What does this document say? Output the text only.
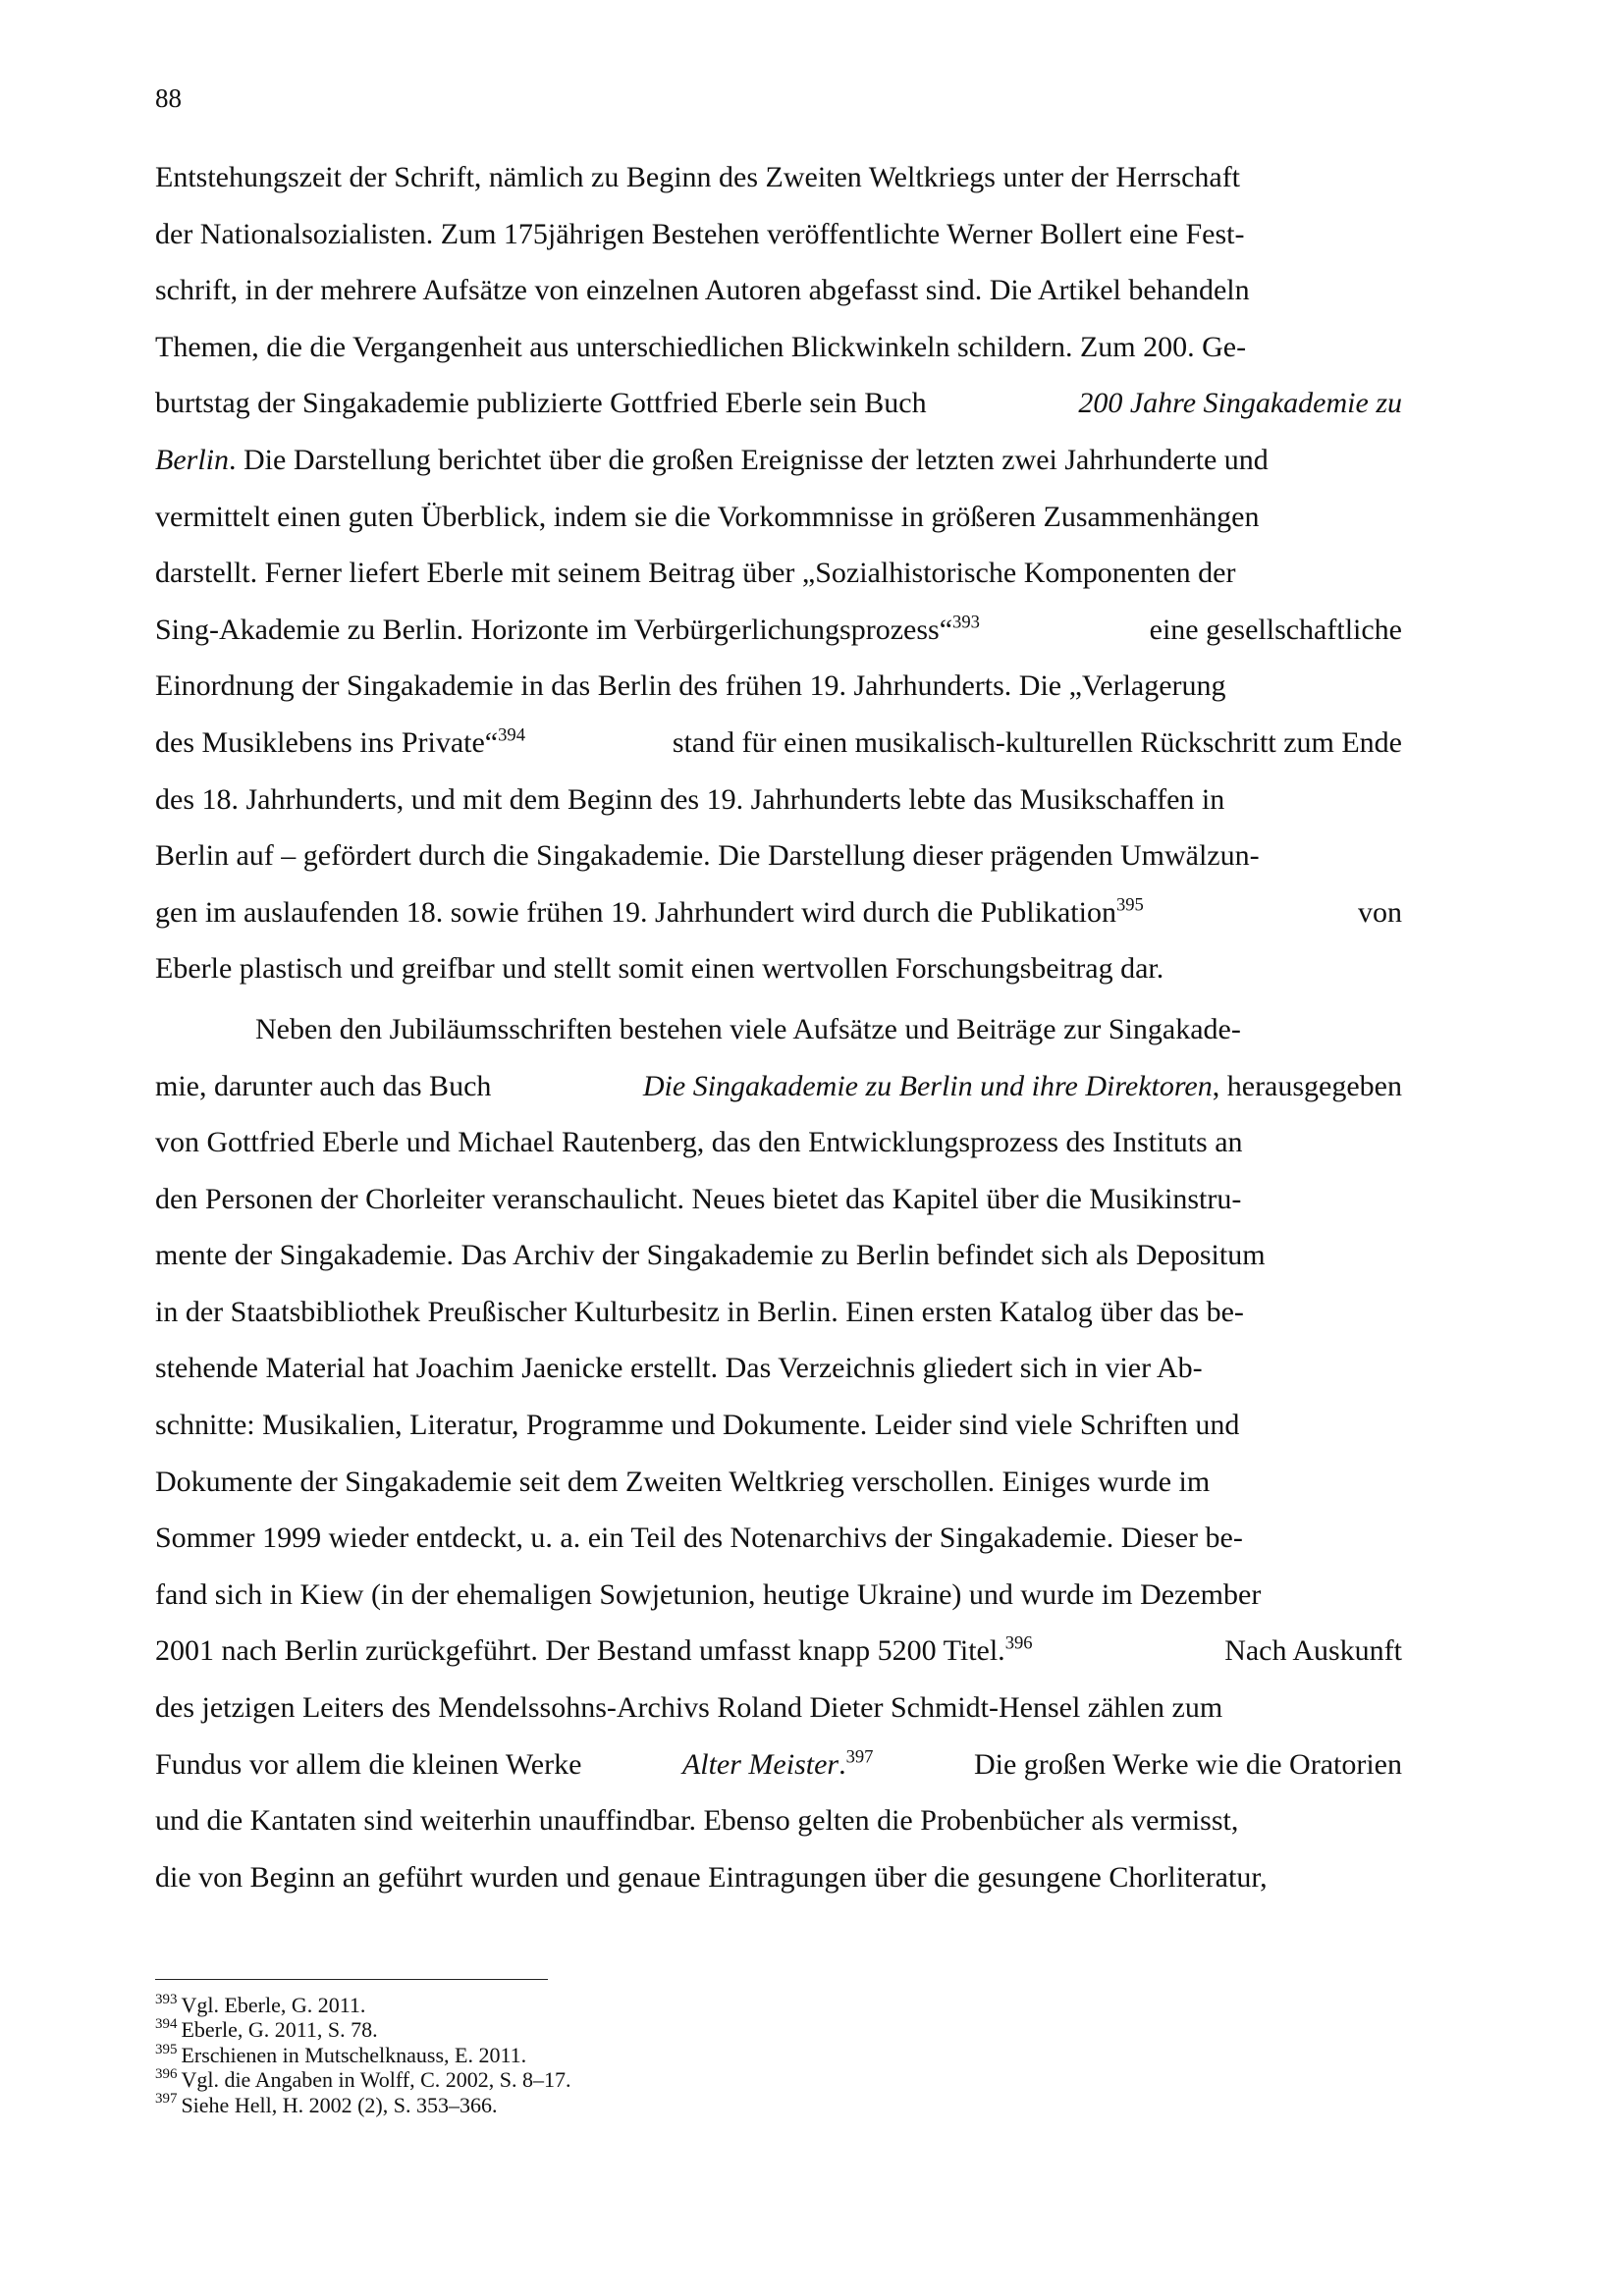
88
Entstehungszeit der Schrift, nämlich zu Beginn des Zweiten Weltkriegs unter der Herrschaft
der Nationalsozialisten. Zum 175jährigen Bestehen veröffentlichte Werner Bollert eine Fest-
schrift, in der mehrere Aufsätze von einzelnen Autoren abgefasst sind. Die Artikel behandeln
Themen, die die Vergangenheit aus unterschiedlichen Blickwinkeln schildern. Zum 200. Ge-
burtstag der Singakademie publizierte Gottfried Eberle sein Buch	200 Jahre Singakademie zu
Berlin. Die Darstellung berichtet über die großen Ereignisse der letzten zwei Jahrhunderte und
vermittelt einen guten Überblick, indem sie die Vorkommnisse in größeren Zusammenhängen
darstellt. Ferner liefert Eberle mit seinem Beitrag über „Sozialhistorische Komponenten der
Sing-Akademie zu Berlin. Horizonte im Verbürgerlichungsprozess“$^{393}$	eine gesellschaftliche
Einordnung der Singakademie in das Berlin des frühen 19. Jahrhunderts. Die „Verlagerung
des Musiklebens ins Private“$^{394}$	stand für einen musikalisch-kulturellen Rückschritt zum Ende
des 18. Jahrhunderts, und mit dem Beginn des 19. Jahrhunderts lebte das Musikschaffen in
Berlin auf – gefördert durch die Singakademie. Die Darstellung dieser prägenden Umwälzun-
gen im auslaufenden 18. sowie frühen 19. Jahrhundert wird durch die Publikation$^{395}$	von
Eberle plastisch und greifbar und stellt somit einen wertvollen Forschungsbeitrag dar.
Neben den Jubiläumsschriften bestehen viele Aufsätze und Beiträge zur Singakade-
mie, darunter auch das Buch	Die Singakademie zu Berlin und ihre Direktoren, herausgegeben
von Gottfried Eberle und Michael Rautenberg, das den Entwicklungsprozess des Instituts an
den Personen der Chorleiter veranschaulicht. Neues bietet das Kapitel über die Musikinstru-
mente der Singakademie. Das Archiv der Singakademie zu Berlin befindet sich als Depositum
in der Staatsbibliothek Preußischer Kulturbesitz in Berlin. Einen ersten Katalog über das be-
stehende Material hat Joachim Jaenicke erstellt. Das Verzeichnis gliedert sich in vier Ab-
schnitte: Musikalien, Literatur, Programme und Dokumente. Leider sind viele Schriften und
Dokumente der Singakademie seit dem Zweiten Weltkrieg verschollen. Einiges wurde im
Sommer 1999 wieder entdeckt, u. a. ein Teil des Notenarchivs der Singakademie. Dieser be-
fand sich in Kiew (in der ehemaligen Sowjetunion, heutige Ukraine) und wurde im Dezember
2001 nach Berlin zurückgeführt. Der Bestand umfasst knapp 5200 Titel.$^{396}$	Nach Auskunft
des jetzigen Leiters des Mendelssohns-Archivs Roland Dieter Schmidt-Hensel zählen zum
Fundus vor allem die kleinen Werke	Alter Meister.$^{397}$	Die großen Werke wie die Oratorien
und die Kantaten sind weiterhin unauffindbar. Ebenso gelten die Probenbücher als vermisst,
die von Beginn an geführt wurden und genaue Eintragungen über die gesungene Chorliteratur,
$^{393}$ Vgl. Eberle, G. 2011.
$^{394}$ Eberle, G. 2011, S. 78.
$^{395}$ Erschienen in Mutschelknauss, E. 2011.
$^{396}$ Vgl. die Angaben in Wolff, C. 2002, S. 8–17.
$^{397}$ Siehe Hell, H. 2002 (2), S. 353–366.
